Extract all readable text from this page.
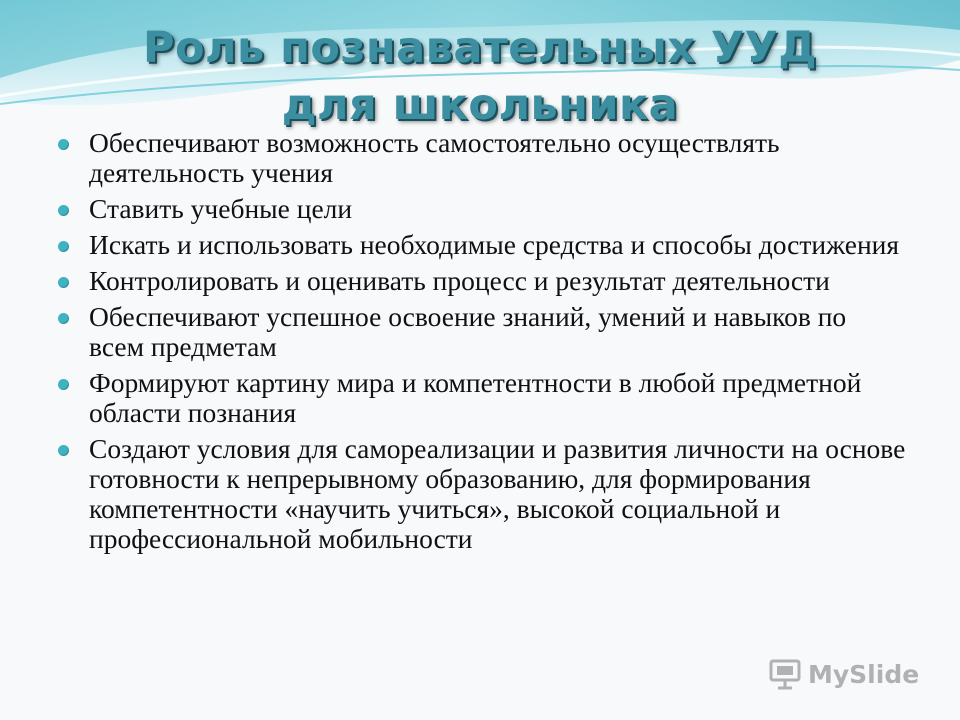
Роль познавательных УУД для школьника
Обеспечивают возможность самостоятельно осуществлять деятельность учения
Ставить учебные цели
Искать и использовать необходимые средства и способы достижения
Контролировать и оценивать процесс и результат деятельности
Обеспечивают успешное освоение знаний, умений и навыков по всем предметам
Формируют картину мира и компетентности в любой предметной области познания
Создают условия для самореализации и развития личности на основе готовности к непрерывному образованию, для формирования компетентности «научить учиться», высокой социальной и профессиональной мобильности
MySlide
